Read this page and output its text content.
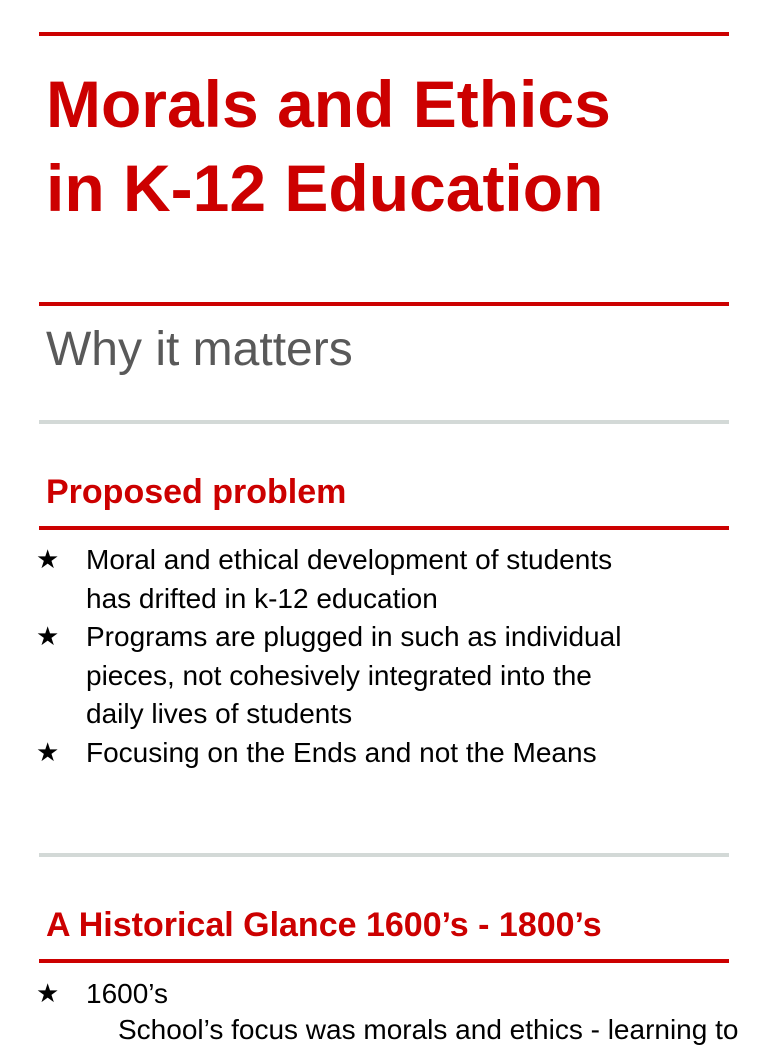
Morals and Ethics
in K-12 Education
Why it matters
Proposed problem
★ Moral and ethical development of students
has drifted in k-12 education
★ Programs are plugged in such as individual
pieces, not cohesively integrated into the
daily lives of students
★ Focusing on the Ends and not the Means
A Historical Glance 1600’s - 1800’s
★ 1600’s
School’s focus was morals and ethics - learning to
